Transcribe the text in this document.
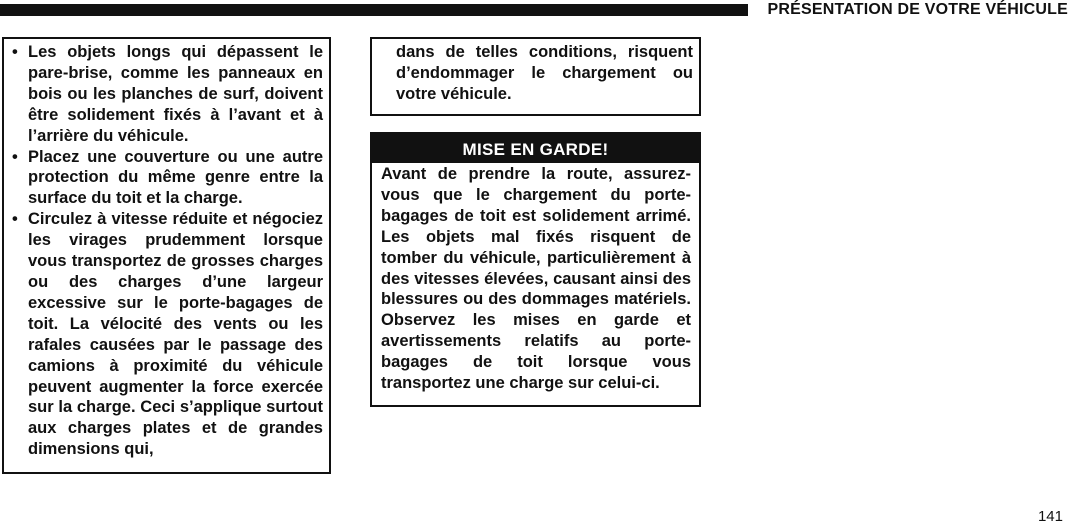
PRÉSENTATION DE VOTRE VÉHICULE
• Les objets longs qui dépassent le pare-brise, comme les panneaux en bois ou les planches de surf, doivent être solidement fixés à l’avant et à l’arrière du véhicule.
• Placez une couverture ou une autre protection du même genre entre la surface du toit et la charge.
• Circulez à vitesse réduite et négociez les virages prudemment lorsque vous transportez de grosses charges ou des charges d’une largeur excessive sur le porte-bagages de toit. La vélocité des vents ou les rafales causées par le passage des camions à proximité du véhicule peuvent augmenter la force exercée sur la charge. Ceci s’applique surtout aux charges plates et de grandes dimensions qui,

dans de telles conditions, risquent d’endommager le chargement ou votre véhicule.

MISE EN GARDE!

Avant de prendre la route, assurez-vous que le chargement du porte-bagages de toit est solidement arrimé. Les objets mal fixés risquent de tomber du véhicule, particulièrement à des vitesses élevées, causant ainsi des blessures ou des dommages matériels. Observez les mises en garde et avertissements relatifs au porte-bagages de toit lorsque vous transportez une charge sur celui-ci.

141
